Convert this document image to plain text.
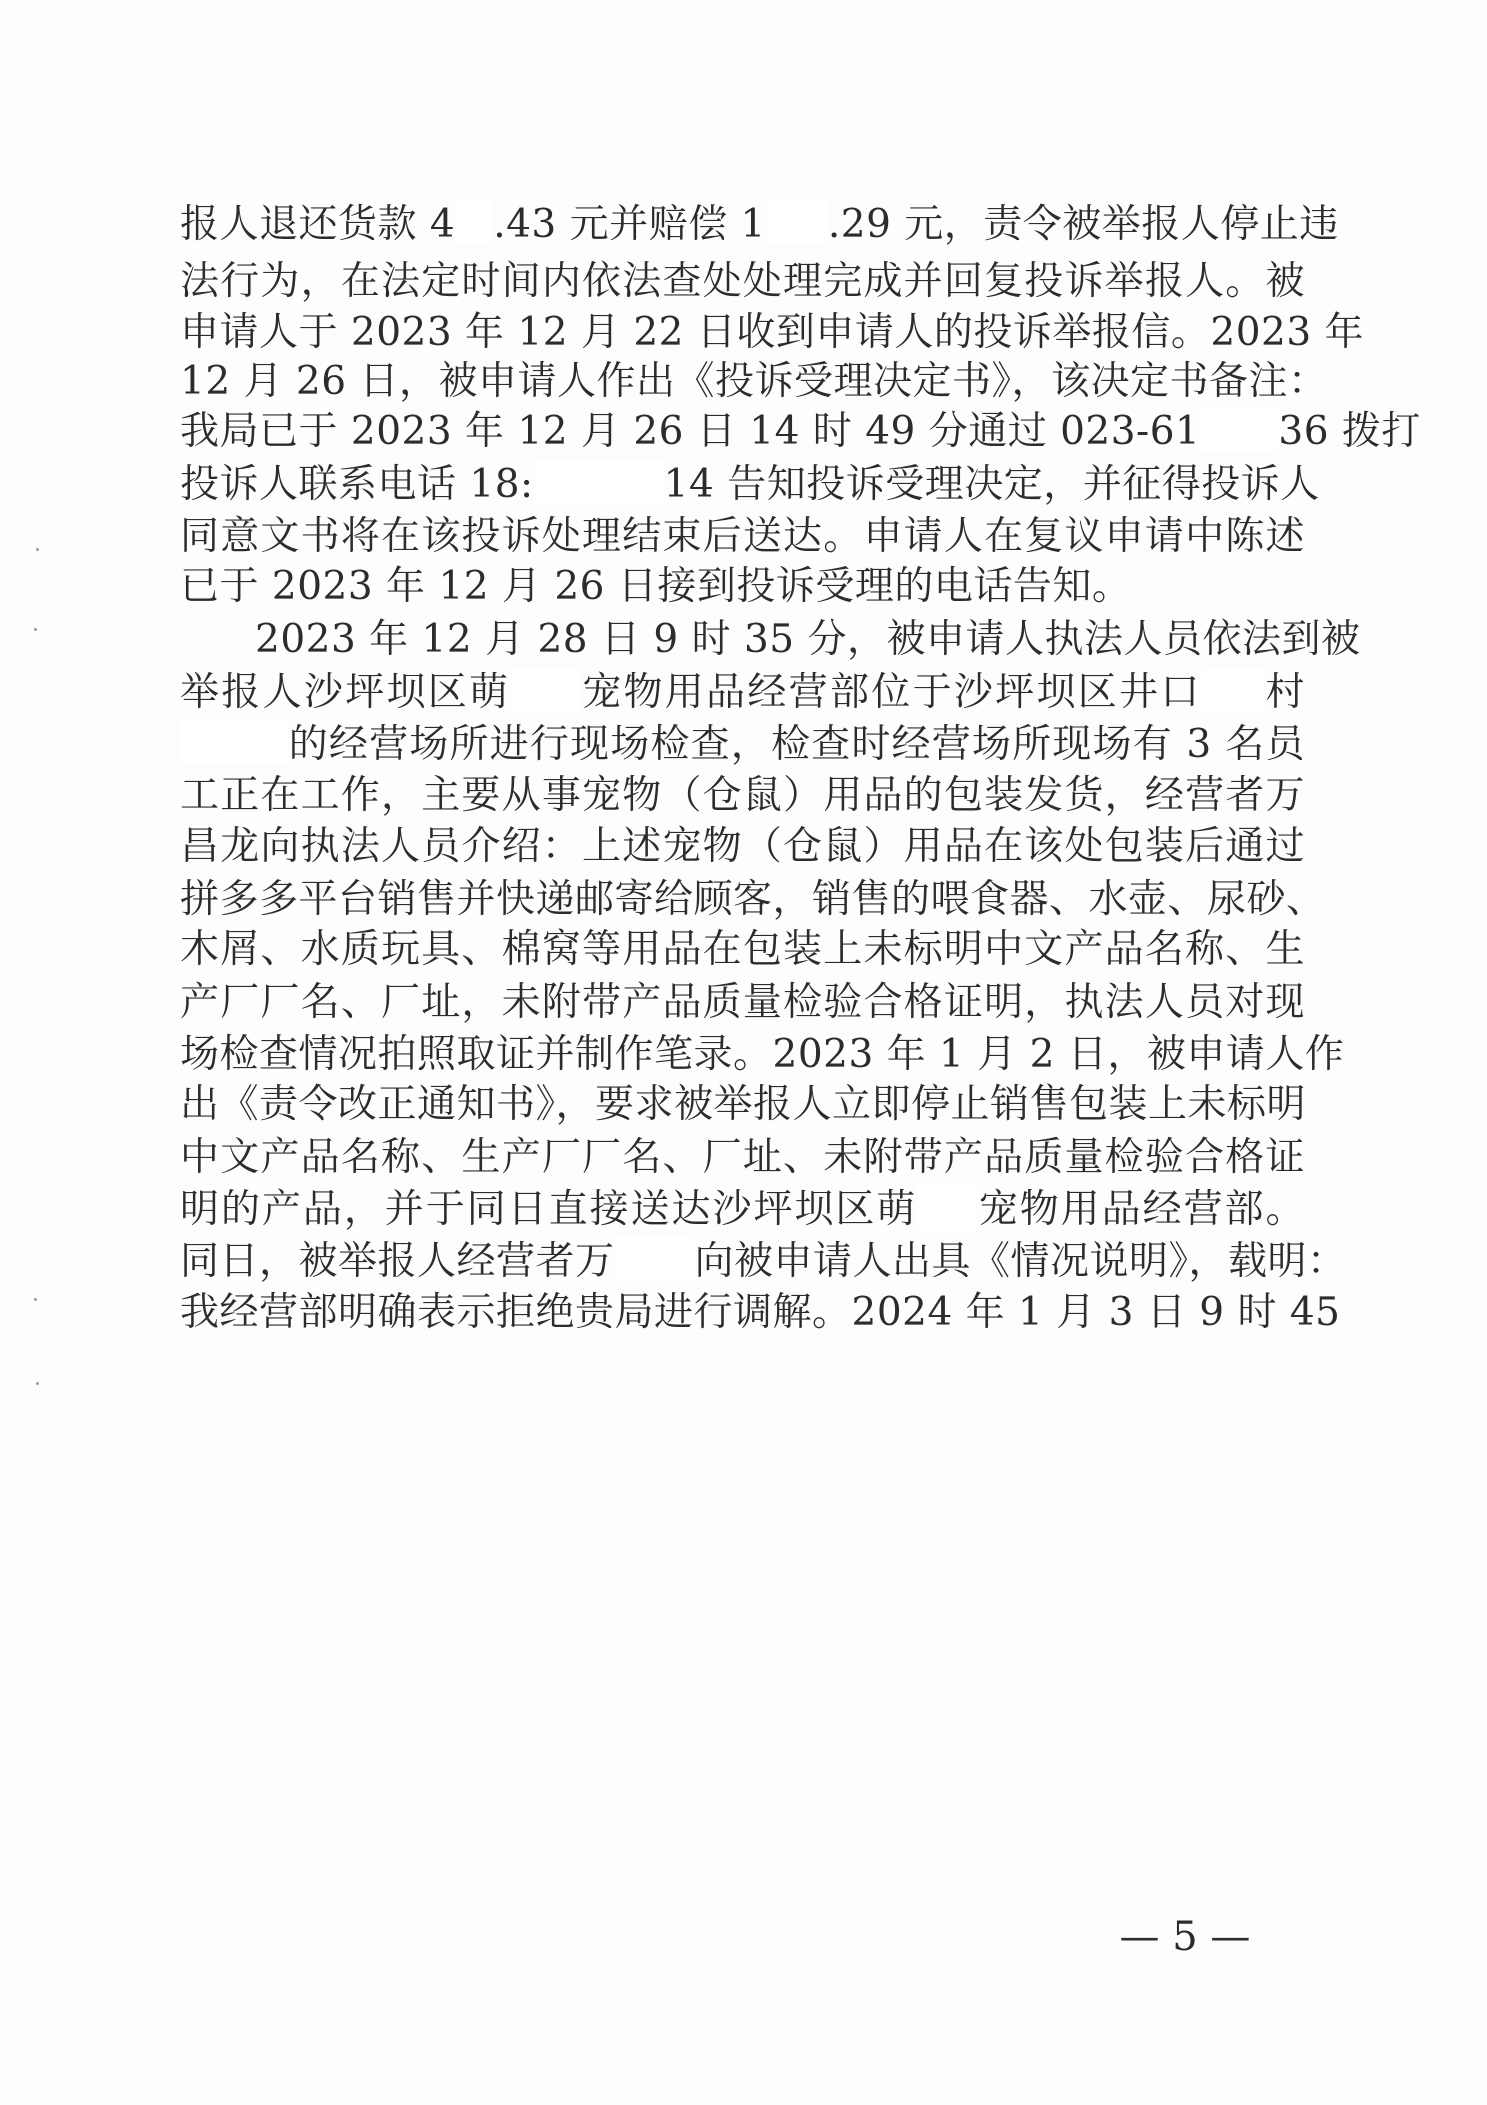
报人退还货款 4 .43 元并赔偿 1 .29 元，责令被举报人停止违
法行为，在法定时间内依法查处处理完成并回复投诉举报人。被
申请人于 2023 年 12 月 22 日收到申请人的投诉举报信。2023 年
12 月 26 日，被申请人作出《投诉受理决定书》，该决定书备注：
我局已于 2023 年 12 月 26 日 14 时 49 分通过 023-61 36 拨打
投诉人联系电话 18:	14 告知投诉受理决定，并征得投诉人
同意文书将在该投诉处理结束后送达。申请人在复议申请中陈述
已于 2023 年 12 月 26 日接到投诉受理的电话告知。
2023 年 12 月 28 日 9 时 35 分，被申请人执法人员依法到被
举报人沙坪坝区萌 宠物用品经营部位于沙坪坝区井口 村
的经营场所进行现场检查，检查时经营场所现场有 3 名员
工正在工作，主要从事宠物（仓鼠）用品的包装发货，经营者万
昌龙向执法人员介绍：上述宠物（仓鼠）用品在该处包装后通过
拼多多平台销售并快递邮寄给顾客，销售的喂食器、水壶、尿砂、
木屑、水质玩具、棉窝等用品在包装上未标明中文产品名称、生
产厂厂名、厂址，未附带产品质量检验合格证明，执法人员对现
场检查情况拍照取证并制作笔录。2023 年 1 月 2 日，被申请人作
出《责令改正通知书》，要求被举报人立即停止销售包装上未标明
中文产品名称、生产厂厂名、厂址、未附带产品质量检验合格证
明的产品，并于同日直接送达沙坪坝区萌 宠物用品经营部。
同日，被举报人经营者万 向被申请人出具《情况说明》，载明：
我经营部明确表示拒绝贵局进行调解。2024 年 1 月 3 日 9 时 45
— 5 —
